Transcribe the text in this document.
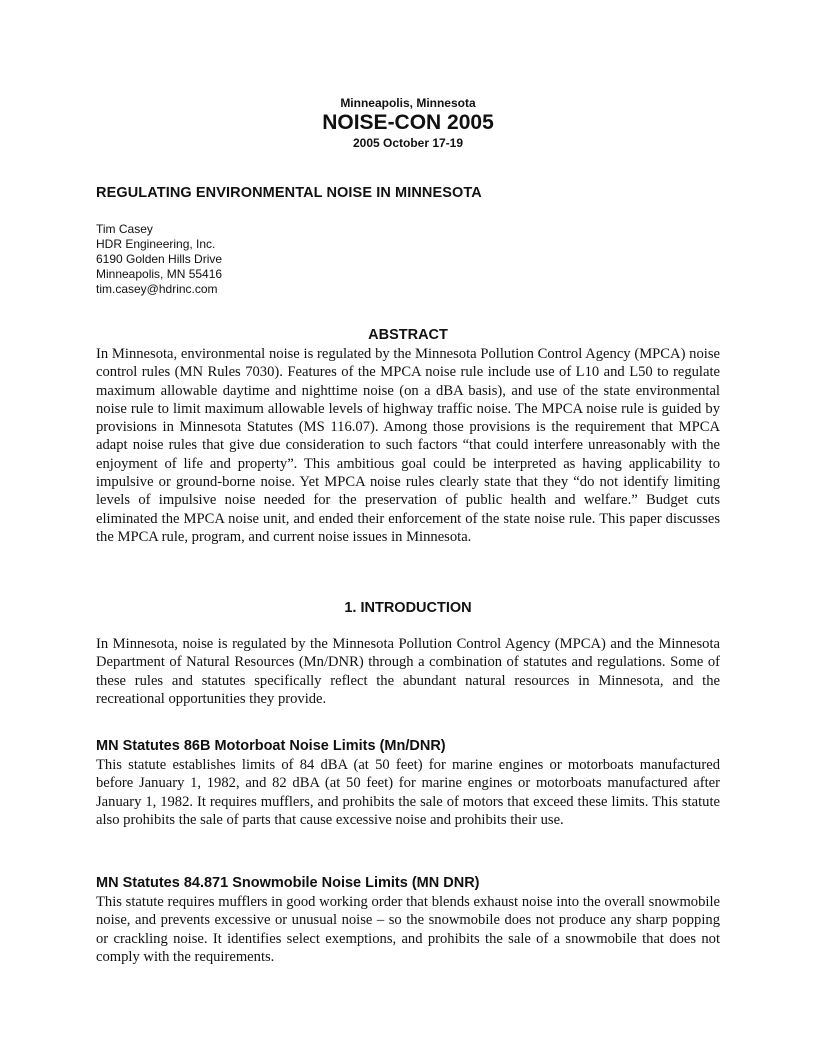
Minneapolis, Minnesota
NOISE-CON 2005
2005 October 17-19
REGULATING ENVIRONMENTAL NOISE IN MINNESOTA
Tim Casey
HDR Engineering, Inc.
6190 Golden Hills Drive
Minneapolis, MN 55416
tim.casey@hdrinc.com
ABSTRACT

In Minnesota, environmental noise is regulated by the Minnesota Pollution Control Agency (MPCA) noise control rules (MN Rules 7030). Features of the MPCA noise rule include use of L10 and L50 to regulate maximum allowable daytime and nighttime noise (on a dBA basis), and use of the state environmental noise rule to limit maximum allowable levels of highway traffic noise. The MPCA noise rule is guided by provisions in Minnesota Statutes (MS 116.07). Among those provisions is the requirement that MPCA adapt noise rules that give due consideration to such factors “that could interfere unreasonably with the enjoyment of life and property”. This ambitious goal could be interpreted as having applicability to impulsive or ground-borne noise. Yet MPCA noise rules clearly state that they “do not identify limiting levels of impulsive noise needed for the preservation of public health and welfare.” Budget cuts eliminated the MPCA noise unit, and ended their enforcement of the state noise rule. This paper discusses the MPCA rule, program, and current noise issues in Minnesota.

1. INTRODUCTION

In Minnesota, noise is regulated by the Minnesota Pollution Control Agency (MPCA) and the Minnesota Department of Natural Resources (Mn/DNR) through a combination of statutes and regulations. Some of these rules and statutes specifically reflect the abundant natural resources in Minnesota, and the recreational opportunities they provide.

MN Statutes 86B Motorboat Noise Limits (Mn/DNR)

This statute establishes limits of 84 dBA (at 50 feet) for marine engines or motorboats manufactured before January 1, 1982, and 82 dBA (at 50 feet) for marine engines or motorboats manufactured after January 1, 1982. It requires mufflers, and prohibits the sale of motors that exceed these limits. This statute also prohibits the sale of parts that cause excessive noise and prohibits their use.

MN Statutes 84.871 Snowmobile Noise Limits (MN DNR)

This statute requires mufflers in good working order that blends exhaust noise into the overall snowmobile noise, and prevents excessive or unusual noise – so the snowmobile does not produce any sharp popping or crackling noise. It identifies select exemptions, and prohibits the sale of a snowmobile that does not comply with the requirements.
